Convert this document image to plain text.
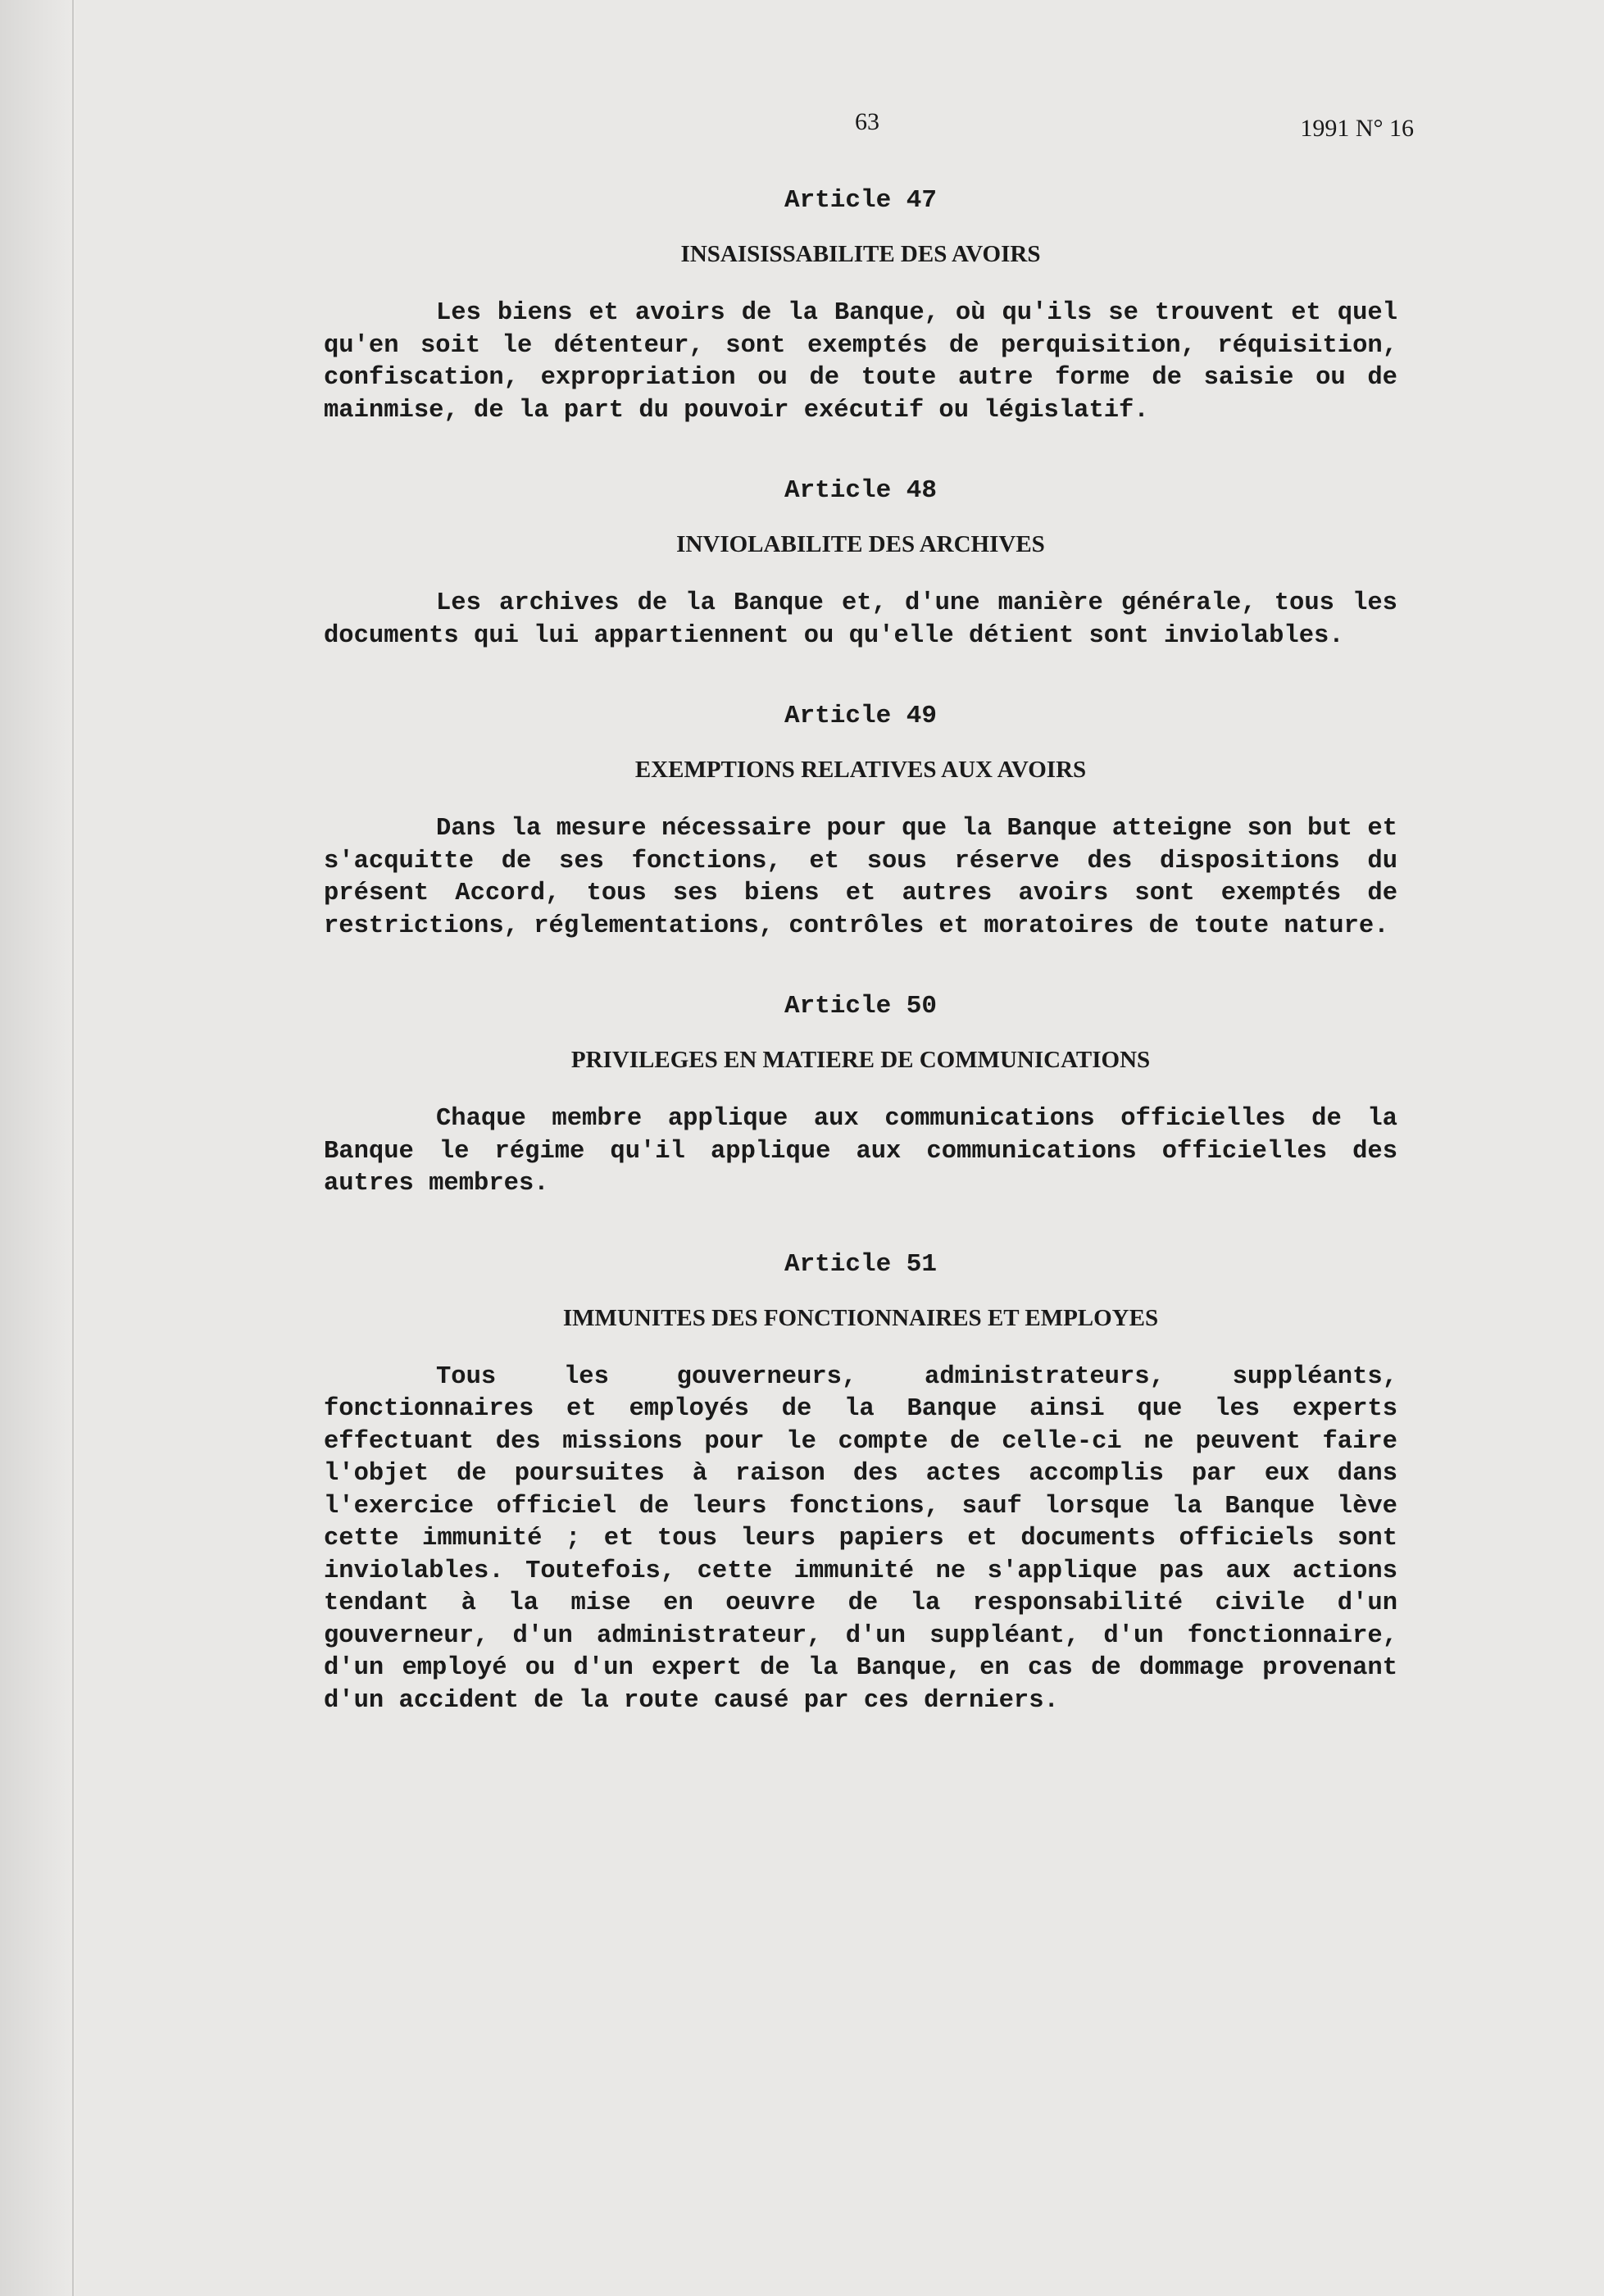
63	1991 N° 16
Article 47
INSAISISSABILITE DES AVOIRS

Les biens et avoirs de la Banque, où qu'ils se trouvent et quel qu'en soit le détenteur, sont exemptés de perquisition, réquisition, confiscation, expropriation ou de toute autre forme de saisie ou de mainmise, de la part du pouvoir exécutif ou législatif.

Article 48
INVIOLABILITE DES ARCHIVES

Les archives de la Banque et, d'une manière générale, tous les documents qui lui appartiennent ou qu'elle détient sont inviolables.

Article 49
EXEMPTIONS RELATIVES AUX AVOIRS

Dans la mesure nécessaire pour que la Banque atteigne son but et s'acquitte de ses fonctions, et sous réserve des dispositions du présent Accord, tous ses biens et autres avoirs sont exemptés de restrictions, réglementations, contrôles et moratoires de toute nature.

Article 50
PRIVILEGES EN MATIERE DE COMMUNICATIONS

Chaque membre applique aux communications officielles de la Banque le régime qu'il applique aux communications officielles des autres membres.

Article 51
IMMUNITES DES FONCTIONNAIRES ET EMPLOYES

Tous les gouverneurs, administrateurs, suppléants, fonctionnaires et employés de la Banque ainsi que les experts effectuant des missions pour le compte de celle-ci ne peuvent faire l'objet de poursuites à raison des actes accomplis par eux dans l'exercice officiel de leurs fonctions, sauf lorsque la Banque lève cette immunité ; et tous leurs papiers et documents officiels sont inviolables. Toutefois, cette immunité ne s'applique pas aux actions tendant à la mise en oeuvre de la responsabilité civile d'un gouverneur, d'un administrateur, d'un suppléant, d'un fonctionnaire, d'un employé ou d'un expert de la Banque, en cas de dommage provenant d'un accident de la route causé par ces derniers.
